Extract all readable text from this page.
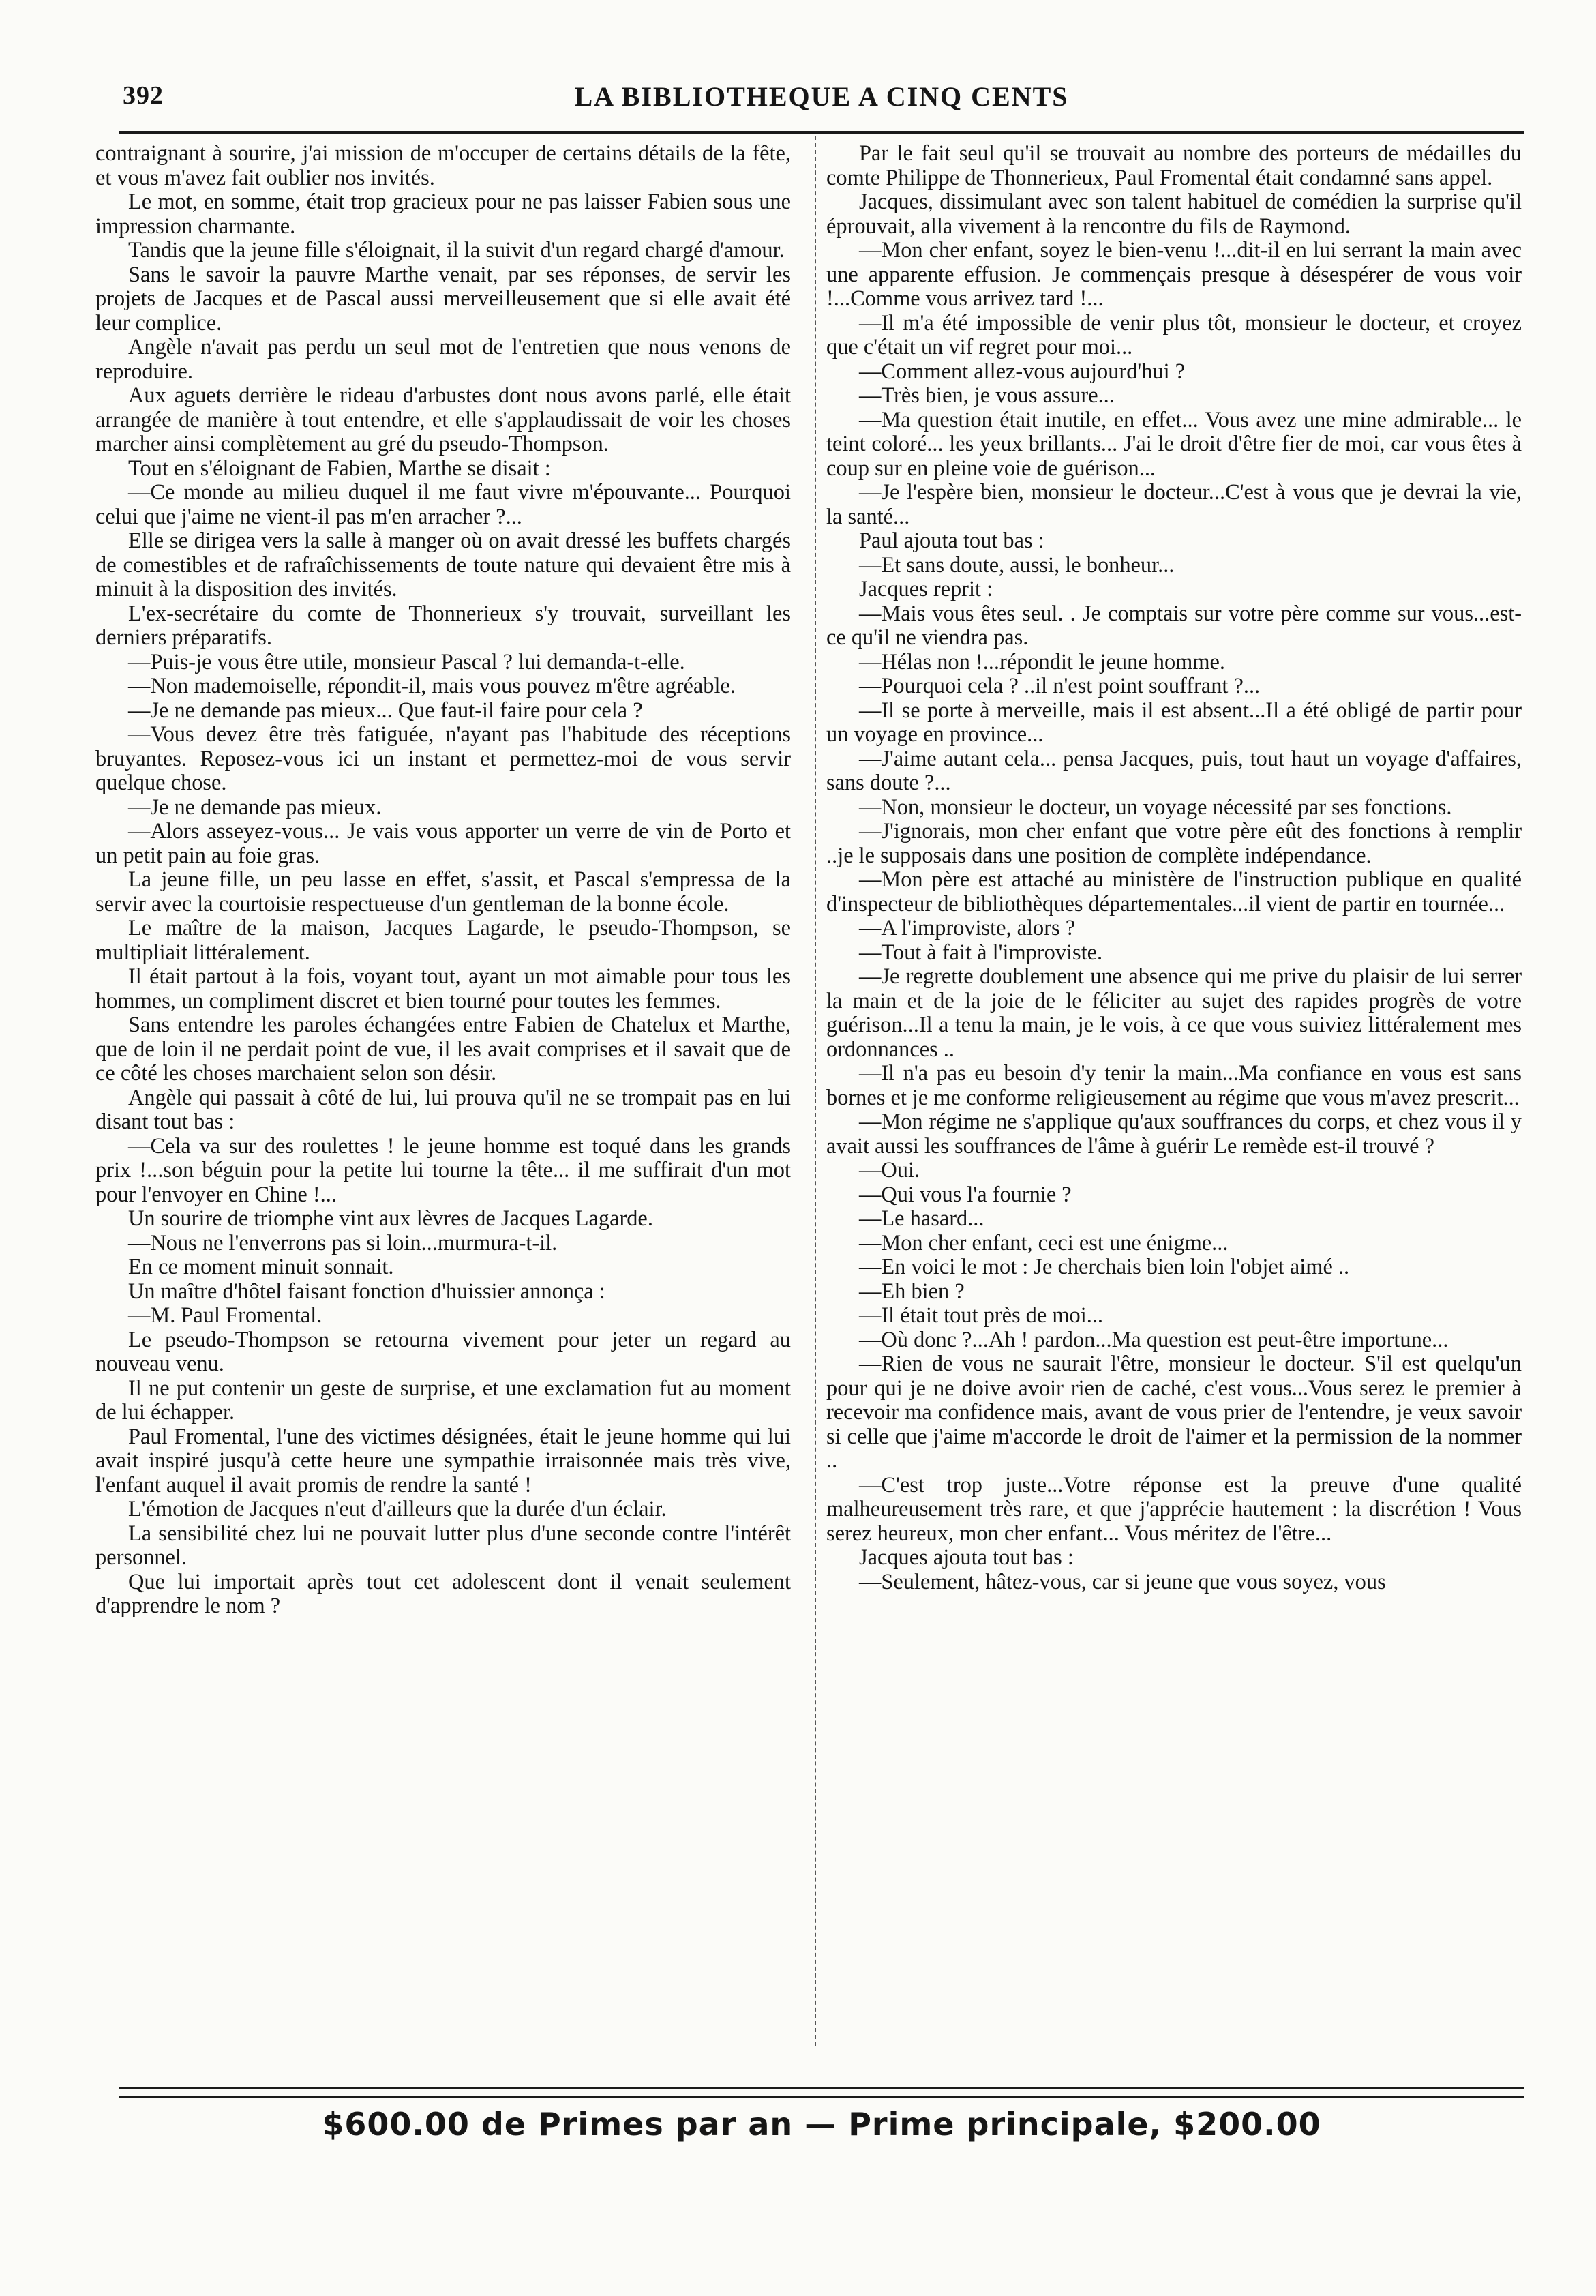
392	LA BIBLIOTHEQUE A CINQ CENTS

contraignant à sourire, j'ai mission de m'occuper de certains détails de la fête, et vous m'avez fait oublier nos invités.

Le mot, en somme, était trop gracieux pour ne pas laisser Fabien sous une impression charmante.

Tandis que la jeune fille s'éloignait, il la suivit d'un regard chargé d'amour.

Sans le savoir la pauvre Marthe venait, par ses réponses, de servir les projets de Jacques et de Pascal aussi merveilleusement que si elle avait été leur complice.

Angèle n'avait pas perdu un seul mot de l'entretien que nous venons de reproduire.

Aux aguets derrière le rideau d'arbustes dont nous avons parlé, elle était arrangée de manière à tout entendre, et elle s'applaudissait de voir les choses marcher ainsi complètement au gré du pseudo-Thompson.

Tout en s'éloignant de Fabien, Marthe se disait :

—Ce monde au milieu duquel il me faut vivre m'épouvante... Pourquoi celui que j'aime ne vient-il pas m'en arracher ?...

Elle se dirigea vers la salle à manger où on avait dressé les buffets chargés de comestibles et de rafraîchissements de toute nature qui devaient être mis à minuit à la disposition des invités.

L'ex-secrétaire du comte de Thonnerieux s'y trouvait, surveillant les derniers préparatifs.

—Puis-je vous être utile, monsieur Pascal ? lui demanda-t-elle.

—Non mademoiselle, répondit-il, mais vous pouvez m'être agréable.

—Je ne demande pas mieux... Que faut-il faire pour cela ?

—Vous devez être très fatiguée, n'ayant pas l'habitude des réceptions bruyantes. Reposez-vous ici un instant et permettez-moi de vous servir quelque chose.

—Je ne demande pas mieux.

—Alors asseyez-vous... Je vais vous apporter un verre de vin de Porto et un petit pain au foie gras.

La jeune fille, un peu lasse en effet, s'assit, et Pascal s'empressa de la servir avec la courtoisie respectueuse d'un gentleman de la bonne école.

Le maître de la maison, Jacques Lagarde, le pseudo-Thompson, se multipliait littéralement.

Il était partout à la fois, voyant tout, ayant un mot aimable pour tous les hommes, un compliment discret et bien tourné pour toutes les femmes.

Sans entendre les paroles échangées entre Fabien de Chatelux et Marthe, que de loin il ne perdait point de vue, il les avait comprises et il savait que de ce côté les choses marchaient selon son désir.

Angèle qui passait à côté de lui, lui prouva qu'il ne se trompait pas en lui disant tout bas :

—Cela va sur des roulettes ! le jeune homme est toqué dans les grands prix !...son béguin pour la petite lui tourne la tête... il me suffirait d'un mot pour l'envoyer en Chine !...

Un sourire de triomphe vint aux lèvres de Jacques Lagarde.

—Nous ne l'enverrons pas si loin...murmura-t-il.

En ce moment minuit sonnait.

Un maître d'hôtel faisant fonction d'huissier annonça :

—M. Paul Fromental.

Le pseudo-Thompson se retourna vivement pour jeter un regard au nouveau venu.

Il ne put contenir un geste de surprise, et une exclamation fut au moment de lui échapper.

Paul Fromental, l'une des victimes désignées, était le jeune homme qui lui avait inspiré jusqu'à cette heure une sympathie irraisonnée mais très vive, l'enfant auquel il avait promis de rendre la santé !

L'émotion de Jacques n'eut d'ailleurs que la durée d'un éclair.

La sensibilité chez lui ne pouvait lutter plus d'une seconde contre l'intérêt personnel.

Que lui importait après tout cet adolescent dont il venait seulement d'apprendre le nom ?

Par le fait seul qu'il se trouvait au nombre des porteurs de médailles du comte Philippe de Thonnerieux, Paul Fromental était condamné sans appel.

Jacques, dissimulant avec son talent habituel de comédien la surprise qu'il éprouvait, alla vivement à la rencontre du fils de Raymond.

—Mon cher enfant, soyez le bien-venu !...dit-il en lui serrant la main avec une apparente effusion. Je commençais presque à désespérer de vous voir !...Comme vous arrivez tard !...

—Il m'a été impossible de venir plus tôt, monsieur le docteur, et croyez que c'était un vif regret pour moi...

—Comment allez-vous aujourd'hui ?

—Très bien, je vous assure...

—Ma question était inutile, en effet... Vous avez une mine admirable... le teint coloré... les yeux brillants... J'ai le droit d'être fier de moi, car vous êtes à coup sur en pleine voie de guérison...

—Je l'espère bien, monsieur le docteur...C'est à vous que je devrai la vie, la santé...

Paul ajouta tout bas :

—Et sans doute, aussi, le bonheur...

Jacques reprit :

—Mais vous êtes seul. . Je comptais sur votre père comme sur vous...est-ce qu'il ne viendra pas.

—Hélas non !...répondit le jeune homme.

—Pourquoi cela ? ..il n'est point souffrant ?...

—Il se porte à merveille, mais il est absent...Il a été obligé de partir pour un voyage en province...

—J'aime autant cela... pensa Jacques, puis, tout haut un voyage d'affaires, sans doute ?...

—Non, monsieur le docteur, un voyage nécessité par ses fonctions.

—J'ignorais, mon cher enfant que votre père eût des fonctions à remplir ..je le supposais dans une position de complète indépendance.

—Mon père est attaché au ministère de l'instruction publique en qualité d'inspecteur de bibliothèques départementales...il vient de partir en tournée...

—A l'improviste, alors ?

—Tout à fait à l'improviste.

—Je regrette doublement une absence qui me prive du plaisir de lui serrer la main et de la joie de le féliciter au sujet des rapides progrès de votre guérison...Il a tenu la main, je le vois, à ce que vous suiviez littéralement mes ordonnances ..

—Il n'a pas eu besoin d'y tenir la main...Ma confiance en vous est sans bornes et je me conforme religieusement au régime que vous m'avez prescrit...

—Mon régime ne s'applique qu'aux souffrances du corps, et chez vous il y avait aussi les souffrances de l'âme à guérir Le remède est-il trouvé ?

—Oui.

—Qui vous l'a fournie ?

—Le hasard...

—Mon cher enfant, ceci est une énigme...

—En voici le mot : Je cherchais bien loin l'objet aimé ..

—Eh bien ?

—Il était tout près de moi...

—Où donc ?...Ah ! pardon...Ma question est peut-être importune...

—Rien de vous ne saurait l'être, monsieur le docteur. S'il est quelqu'un pour qui je ne doive avoir rien de caché, c'est vous...Vous serez le premier à recevoir ma confidence mais, avant de vous prier de l'entendre, je veux savoir si celle que j'aime m'accorde le droit de l'aimer et la permission de la nommer ..

—C'est trop juste...Votre réponse est la preuve d'une qualité malheureusement très rare, et que j'apprécie hautement : la discrétion ! Vous serez heureux, mon cher enfant... Vous méritez de l'être...

Jacques ajouta tout bas :

—Seulement, hâtez-vous, car si jeune que vous soyez, vous

$600.00 de Primes par an — Prime principale, $200.00
